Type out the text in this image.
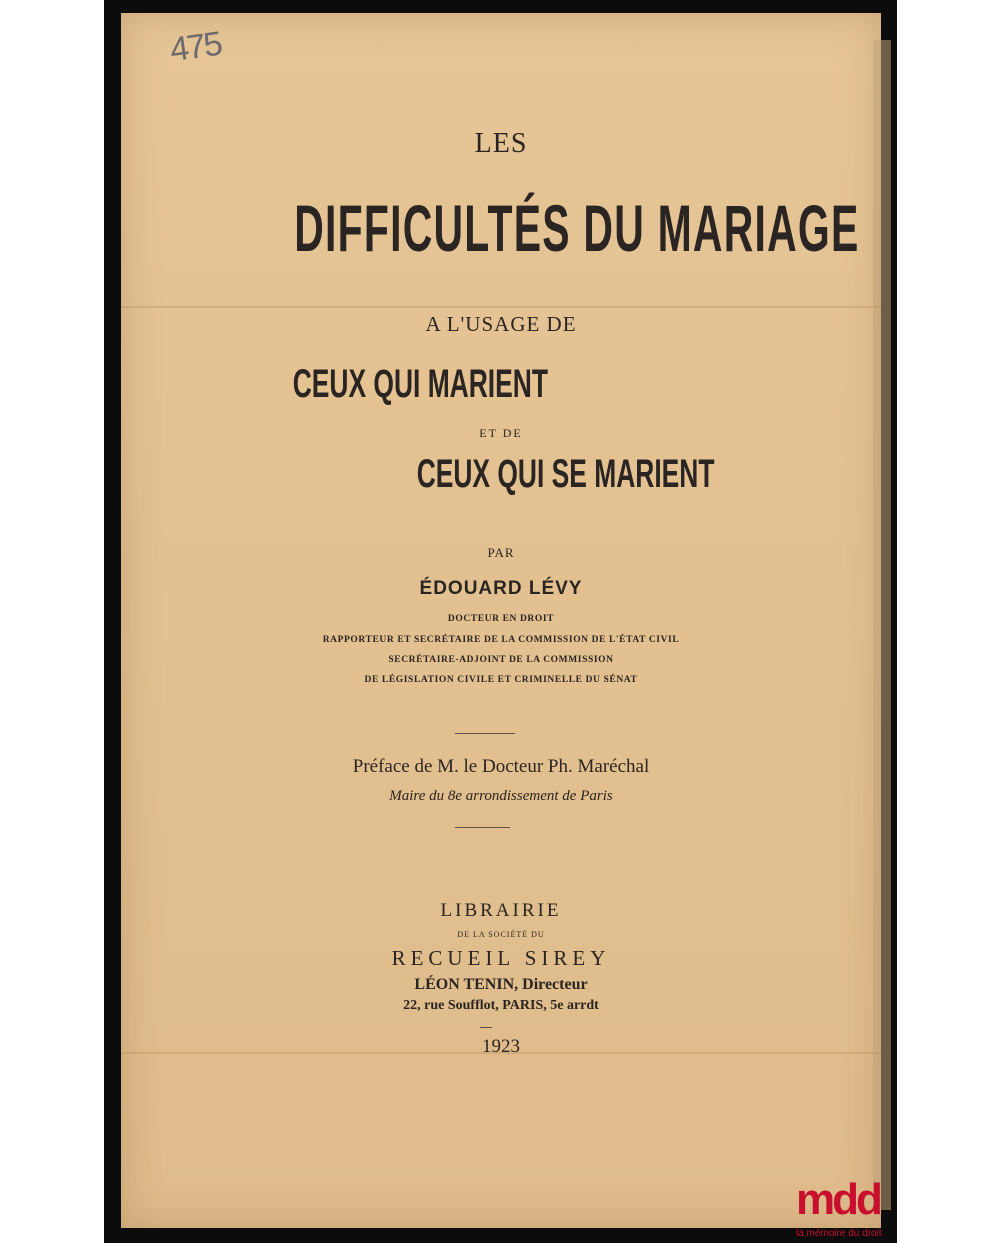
475
LES
DIFFICULTÉS DU MARIAGE
A L'USAGE DE
CEUX QUI MARIENT
ET DE
CEUX QUI SE MARIENT
PAR
ÉDOUARD LÉVY
DOCTEUR EN DROIT
RAPPORTEUR ET SECRÉTAIRE DE LA COMMISSION DE L'ÉTAT CIVIL
SECRÉTAIRE-ADJOINT DE LA COMMISSION
DE LÉGISLATION CIVILE ET CRIMINELLE DU SÉNAT
Préface de M. le Docteur Ph. Maréchal
Maire du 8e arrondissement de Paris
LIBRAIRIE
DE LA SOCIÉTÉ DU
RECUEIL SIREY
LÉON TENIN, Directeur
22, rue Soufflot, PARIS, 5e arrdt
1923
mdd
la mémoire du droit
